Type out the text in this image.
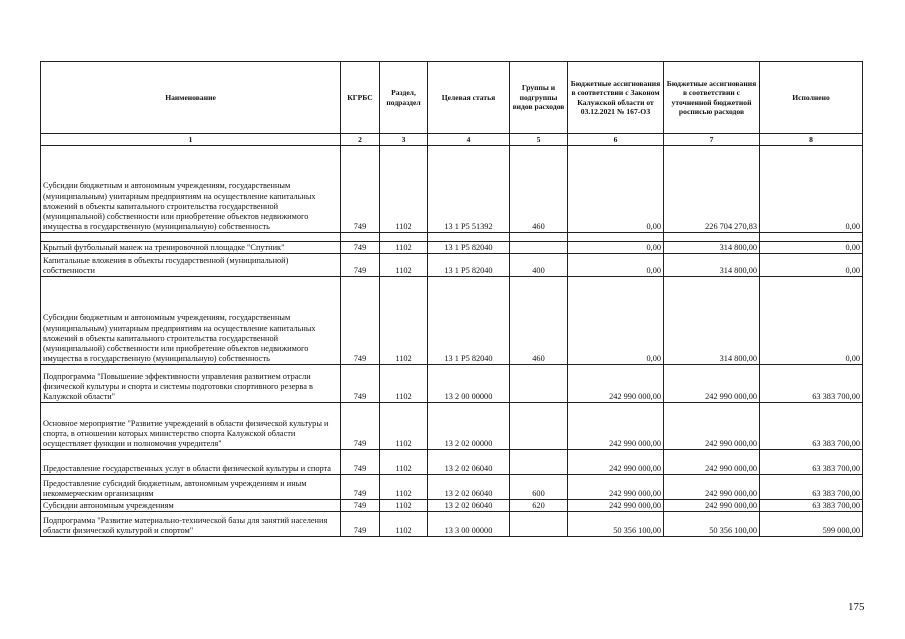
Наименование	КГРБС	Раздел, подраздел	Целевая статья	Группы и подгруппы видов расходов	Бюджетные ассигнования в соответствии с Законом Калужской области от 03.12.2021 № 167-ОЗ	Бюджетные ассигнования в соответствии с уточненной бюджетной росписью расходов	Исполнено
1	2	3	4	5	6	7	8
Субсидии бюджетным и автономным учреждениям, государственным (муниципальным) унитарным предприятиям на осуществление капитальных вложений в объекты капитального строительства государственной (муниципальной) собственности или приобретение объектов недвижимого имущества в государственную (муниципальную) собственность	749	1102	13 1 P5 51392	460	0,00	226 704 270,83	0,00

Крытый футбольный манеж на тренировочной площадке "Спутник"	749	1102	13 1 P5 82040		0,00	314 800,00	0,00
Капитальные вложения в объекты государственной (муниципальной) собственности	749	1102	13 1 P5 82040	400	0,00	314 800,00	0,00
Субсидии бюджетным и автономным учреждениям, государственным (муниципальным) унитарным предприятиям на осуществление капитальных вложений в объекты капитального строительства государственной (муниципальной) собственности или приобретение объектов недвижимого имущества в государственную (муниципальную) собственность	749	1102	13 1 P5 82040	460	0,00	314 800,00	0,00
Подпрограмма "Повышение эффективности управления развитием отрасли физической культуры и спорта и системы подготовки спортивного резерва в Калужской области"	749	1102	13 2 00 00000		242 990 000,00	242 990 000,00	63 383 700,00
Основное мероприятие "Развитие учреждений в области физической культуры и спорта, в отношении которых министерство спорта Калужской области осуществляет функции и полномочия учредителя"	749	1102	13 2 02 00000		242 990 000,00	242 990 000,00	63 383 700,00
Предоставление государственных услуг в области физической культуры и спорта	749	1102	13 2 02 06040		242 990 000,00	242 990 000,00	63 383 700,00
Предоставление субсидий бюджетным, автономным учреждениям и иным некоммерческим организациям	749	1102	13 2 02 06040	600	242 990 000,00	242 990 000,00	63 383 700,00
Субсидии автономным учреждениям	749	1102	13 2 02 06040	620	242 990 000,00	242 990 000,00	63 383 700,00
Подпрограмма "Развитие материально-технической базы для занятий населения области физической культурой и спортом"	749	1102	13 3 00 00000		50 356 100,00	50 356 100,00	599 000,00
175
